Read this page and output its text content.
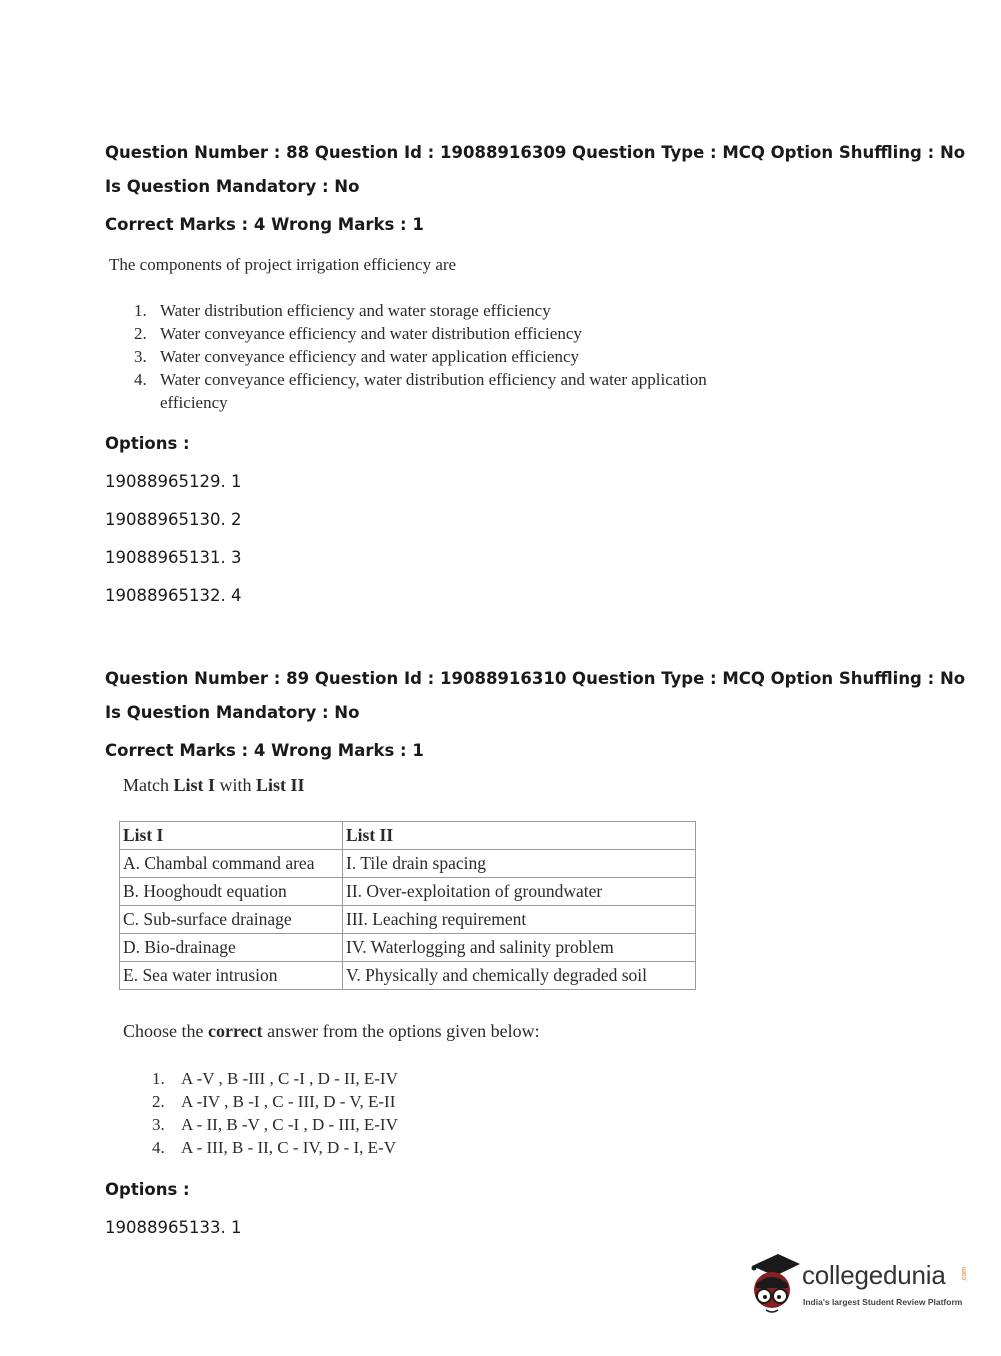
Question Number : 88 Question Id : 19088916309 Question Type : MCQ Option Shuffling : No

Is Question Mandatory : No

Correct Marks : 4 Wrong Marks : 1

The components of project irrigation efficiency are

1. Water distribution efficiency and water storage efficiency
2. Water conveyance efficiency and water distribution efficiency
3. Water conveyance efficiency and water application efficiency
4. Water conveyance efficiency, water distribution efficiency and water application efficiency

Options :

19088965129. 1

19088965130. 2

19088965131. 3

19088965132. 4

Question Number : 89 Question Id : 19088916310 Question Type : MCQ Option Shuffling : No

Is Question Mandatory : No

Correct Marks : 4 Wrong Marks : 1

Match List I with List II

List I	List II
A. Chambal command area	I. Tile drain spacing
B. Hooghoudt equation	II. Over-exploitation of groundwater
C. Sub-surface drainage	III. Leaching requirement
D. Bio-drainage	IV. Waterlogging and salinity problem
E. Sea water intrusion	V. Physically and chemically degraded soil

Choose the correct answer from the options given below:

1. A -V , B -III , C -I , D - II, E-IV
2. A -IV , B -I , C - III, D - V, E-II
3. A - II, B -V , C -I , D - III, E-IV
4. A - III, B - II, C - IV, D - I, E-V

Options :

19088965133. 1

collegedunia .com
India's largest Student Review Platform
